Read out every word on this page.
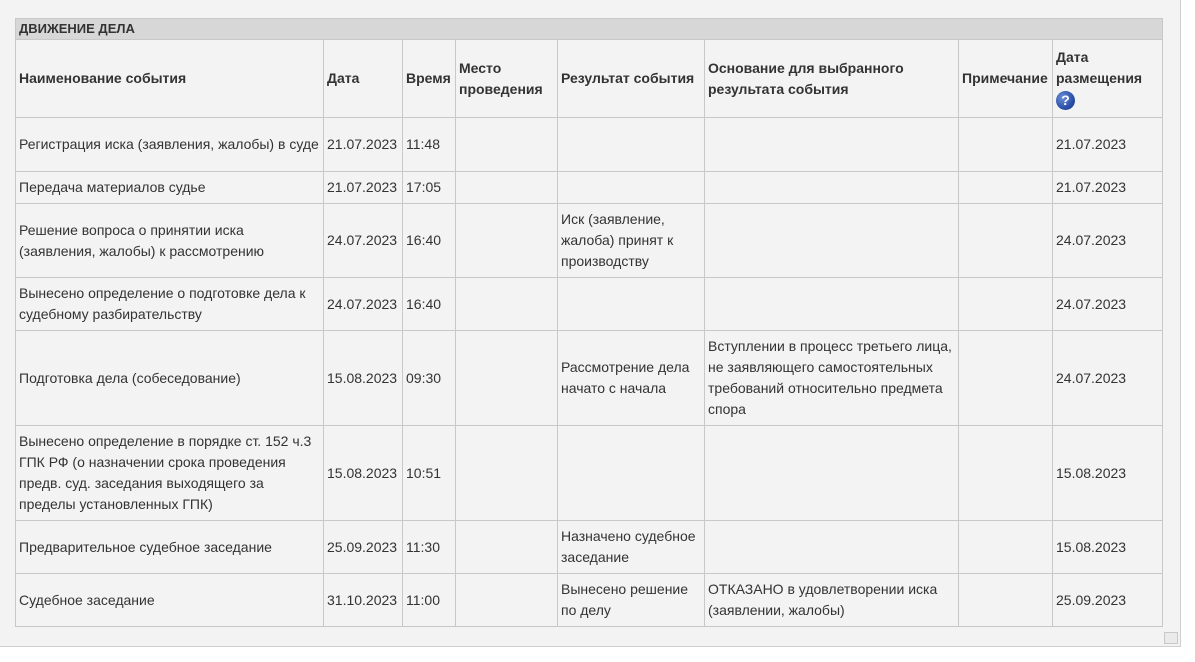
ДВИЖЕНИЕ ДЕЛА							
Наименование события	Дата	Время	Место проведения	Результат события	Основание для выбранного результата события	Примечание	Дата размещения
?
Регистрация иска (заявления, жалобы) в суде	21.07.2023	11:48					21.07.2023
Передача материалов судье	21.07.2023	17:05					21.07.2023
Решение вопроса о принятии иска (заявления, жалобы) к рассмотрению	24.07.2023	16:40		Иск (заявление, жалоба) принят к производству			24.07.2023
Вынесено определение о подготовке дела к судебному разбирательству	24.07.2023	16:40					24.07.2023
Подготовка дела (собеседование)	15.08.2023	09:30		Рассмотрение дела начато с начала	Вступлении в процесс третьего лица, не заявляющего самостоятельных требований относительно предмета спора		24.07.2023
Вынесено определение в порядке ст. 152 ч.3 ГПК РФ (о назначении срока проведения предв. суд. заседания выходящего за пределы установленных ГПК)	15.08.2023	10:51					15.08.2023
Предварительное судебное заседание	25.09.2023	11:30		Назначено судебное заседание			15.08.2023
Судебное заседание	31.10.2023	11:00		Вынесено решение по делу	ОТКАЗАНО в удовлетворении иска (заявлении, жалобы)		25.09.2023
